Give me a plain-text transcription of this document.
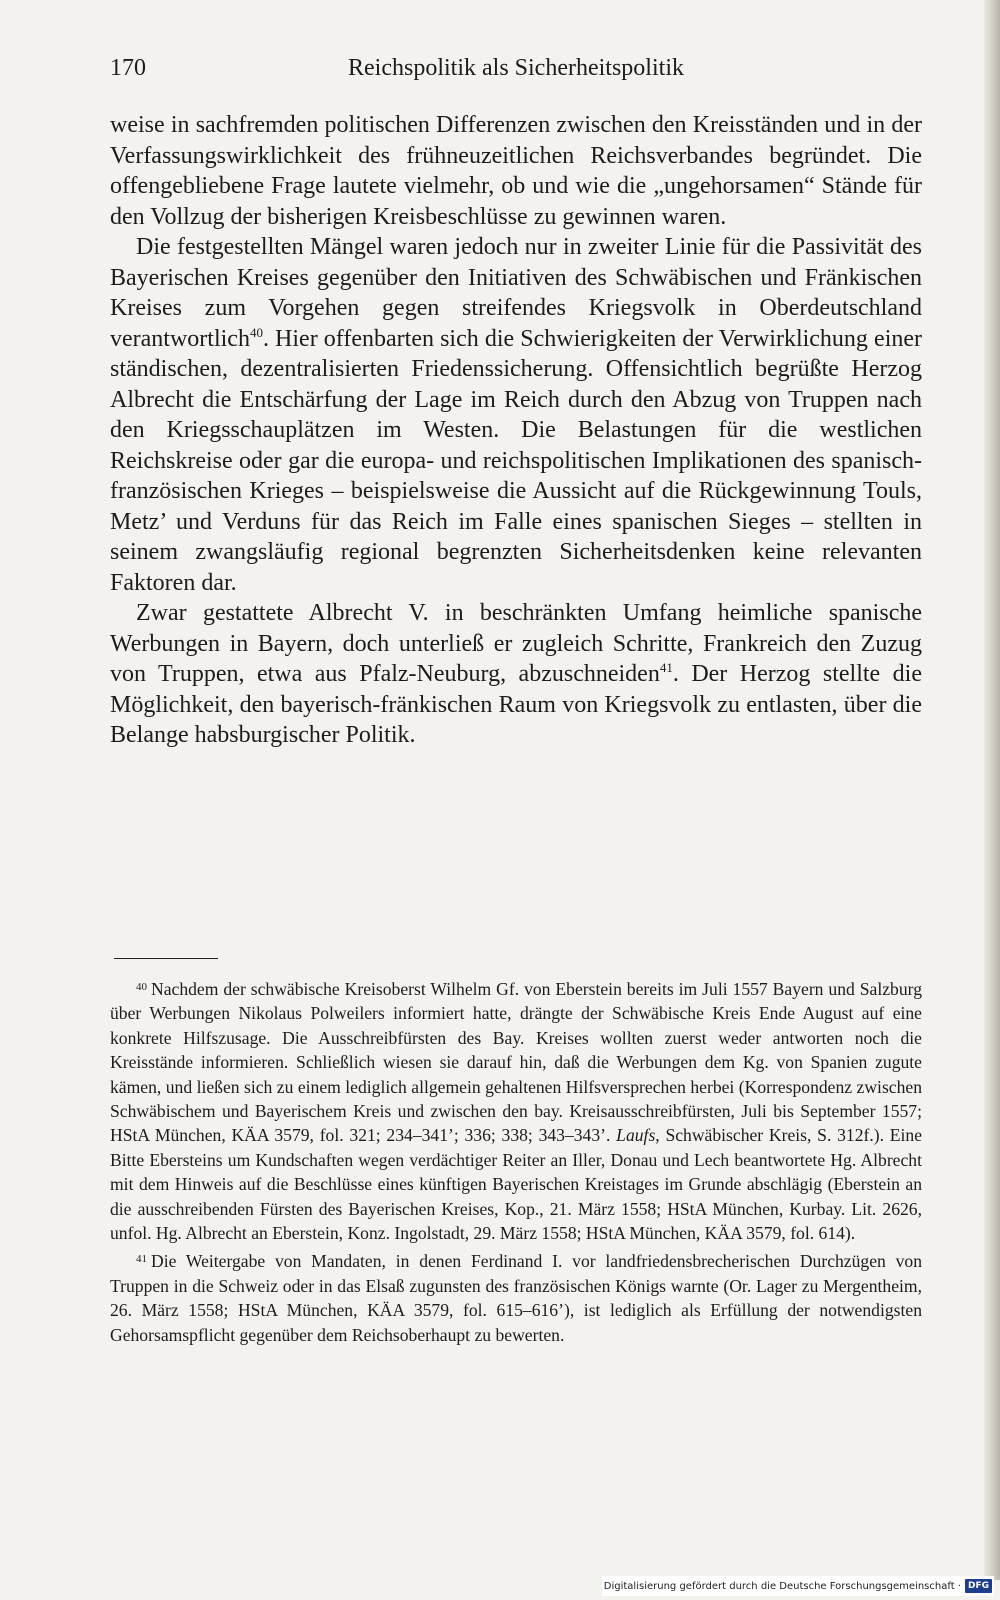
170	Reichspolitik als Sicherheitspolitik

weise in sachfremden politischen Differenzen zwischen den Kreisständen und in der Verfassungswirklichkeit des frühneuzeitlichen Reichsverbandes begründet. Die offengebliebene Frage lautete vielmehr, ob und wie die „ungehorsamen“ Stände für den Vollzug der bisherigen Kreisbeschlüsse zu gewinnen waren.

Die festgestellten Mängel waren jedoch nur in zweiter Linie für die Passivität des Bayerischen Kreises gegenüber den Initiativen des Schwäbischen und Fränkischen Kreises zum Vorgehen gegen streifendes Kriegsvolk in Oberdeutschland verantwortlich$^{40}$. Hier offenbarten sich die Schwierigkeiten der Verwirklichung einer ständischen, dezentralisierten Friedenssicherung. Offensichtlich begrüßte Herzog Albrecht die Entschärfung der Lage im Reich durch den Abzug von Truppen nach den Kriegsschauplätzen im Westen. Die Belastungen für die westlichen Reichskreise oder gar die europa- und reichspolitischen Implikationen des spanisch-französischen Krieges – beispielsweise die Aussicht auf die Rückgewinnung Touls, Metz’ und Verduns für das Reich im Falle eines spanischen Sieges – stellten in seinem zwangsläufig regional begrenzten Sicherheitsdenken keine relevanten Faktoren dar.

Zwar gestattete Albrecht V. in beschränkten Umfang heimliche spanische Werbungen in Bayern, doch unterließ er zugleich Schritte, Frankreich den Zuzug von Truppen, etwa aus Pfalz-Neuburg, abzuschneiden$^{41}$. Der Herzog stellte die Möglichkeit, den bayerisch-fränkischen Raum von Kriegsvolk zu entlasten, über die Belange habsburgischer Politik.

$^{40}$ Nachdem der schwäbische Kreisoberst Wilhelm Gf. von Eberstein bereits im Juli 1557 Bayern und Salzburg über Werbungen Nikolaus Polweilers informiert hatte, drängte der Schwäbische Kreis Ende August auf eine konkrete Hilfszusage. Die Ausschreibfürsten des Bay. Kreises wollten zuerst weder antworten noch die Kreisstände informieren. Schließlich wiesen sie darauf hin, daß die Werbungen dem Kg. von Spanien zugute kämen, und ließen sich zu einem lediglich allgemein gehaltenen Hilfsversprechen herbei (Korrespondenz zwischen Schwäbischem und Bayerischem Kreis und zwischen den bay. Kreisausschreibfürsten, Juli bis September 1557; HStA München, KÄA 3579, fol. 321; 234–341’; 336; 338; 343–343’. Laufs, Schwäbischer Kreis, S. 312f.). Eine Bitte Ebersteins um Kundschaften wegen verdächtiger Reiter an Iller, Donau und Lech beantwortete Hg. Albrecht mit dem Hinweis auf die Beschlüsse eines künftigen Bayerischen Kreistages im Grunde abschlägig (Eberstein an die ausschreibenden Fürsten des Bayerischen Kreises, Kop., 21. März 1558; HStA München, Kurbay. Lit. 2626, unfol. Hg. Albrecht an Eberstein, Konz. Ingolstadt, 29. März 1558; HStA München, KÄA 3579, fol. 614).

$^{41}$ Die Weitergabe von Mandaten, in denen Ferdinand I. vor landfriedensbrecherischen Durchzügen von Truppen in die Schweiz oder in das Elsaß zugunsten des französischen Königs warnte (Or. Lager zu Mergentheim, 26. März 1558; HStA München, KÄA 3579, fol. 615–616’), ist lediglich als Erfüllung der notwendigsten Gehorsamspflicht gegenüber dem Reichsoberhaupt zu bewerten.

Digitalisierung gefördert durch die Deutsche Forschungsgemeinschaft · DFG
